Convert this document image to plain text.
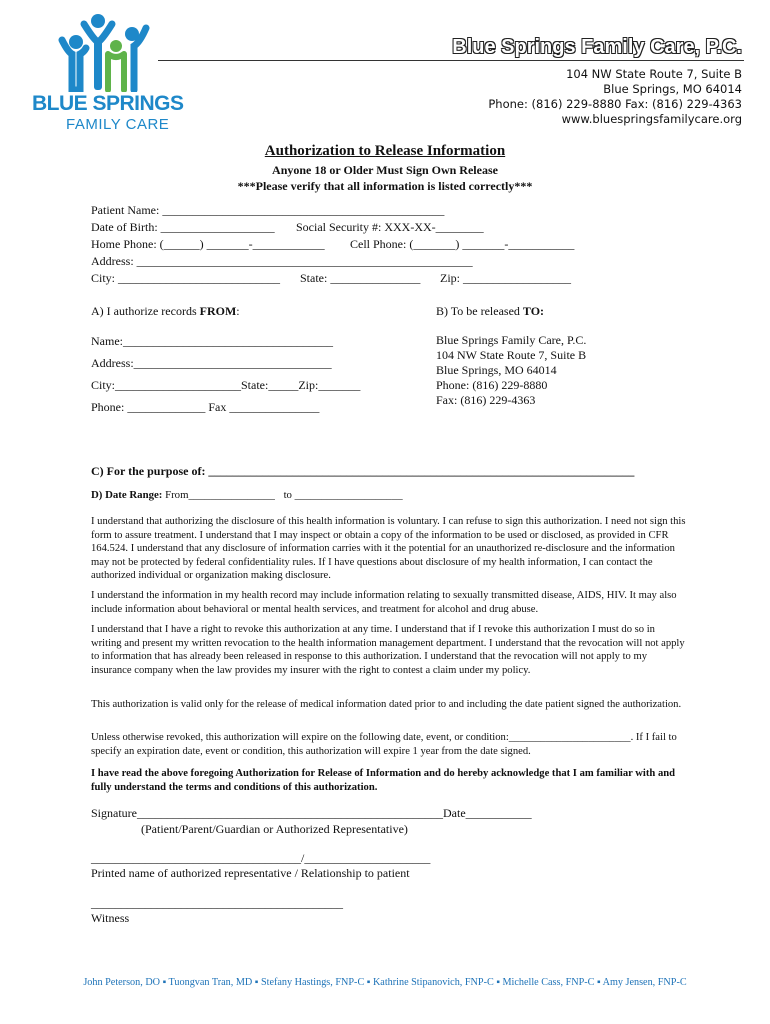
BLUE SPRINGS
FAMILY CARE
Blue Springs Family Care, P.C.
104 NW State Route 7, Suite B
Blue Springs, MO 64014
Phone: (816) 229-8880 Fax: (816) 229-4363
www.bluespringsfamilycare.org
Authorization to Release Information
Anyone 18 or Older Must Sign Own Release
***Please verify that all information is listed correctly***
Patient Name: _______________________________________________
Date of Birth: ___________________ Social Security #: XXX-XX-________
Home Phone: (______) _______-____________ Cell Phone: (_______) _______-___________
Address: ________________________________________________________
City: ___________________________ State: _______________ Zip: __________________
A) I authorize records FROM:
Name:___________________________________
Address:_________________________________
City:_____________________State:_____Zip:_______
Phone: _____________ Fax _______________
B) To be released TO:
Blue Springs Family Care, P.C.
104 NW State Route 7, Suite B
Blue Springs, MO 64014
Phone: (816) 229-8880
Fax: (816) 229-4363
C) For the purpose of: _______________________________________________________________________
D) Date Range: From________________ to ____________________
I understand that authorizing the disclosure of this health information is voluntary. I can refuse to sign this authorization. I need not sign this form to assure treatment. I understand that I may inspect or obtain a copy of the information to be used or disclosed, as provided in CFR 164.524. I understand that any disclosure of information carries with it the potential for an unauthorized re-disclosure and the information may not be protected by federal confidentiality rules. If I have questions about disclosure of my health information, I can contact the authorized individual or organization making disclosure.
I understand the information in my health record may include information relating to sexually transmitted disease, AIDS, HIV. It may also include information about behavioral or mental health services, and treatment for alcohol and drug abuse.
I understand that I have a right to revoke this authorization at any time. I understand that if I revoke this authorization I must do so in writing and present my written revocation to the health information management department. I understand that the revocation will not apply to information that has already been released in response to this authorization. I understand that the revocation will not apply to my insurance company when the law provides my insurer with the right to contest a claim under my policy.
This authorization is valid only for the release of medical information dated prior to and including the date patient signed the authorization.
Unless otherwise revoked, this authorization will expire on the following date, event, or condition:_______________________. If I fail to specify an expiration date, event or condition, this authorization will expire 1 year from the date signed.
I have read the above foregoing Authorization for Release of Information and do hereby acknowledge that I am familiar with and fully understand the terms and conditions of this authorization.
Signature___________________________________________________Date___________
(Patient/Parent/Guardian or Authorized Representative)
___________________________________/_____________________
Printed name of authorized representative / Relationship to patient
__________________________________________
Witness
John Peterson, DO ▪ Tuongvan Tran, MD ▪ Stefany Hastings, FNP-C ▪ Kathrine Stipanovich, FNP-C ▪ Michelle Cass, FNP-C ▪ Amy Jensen, FNP-C
